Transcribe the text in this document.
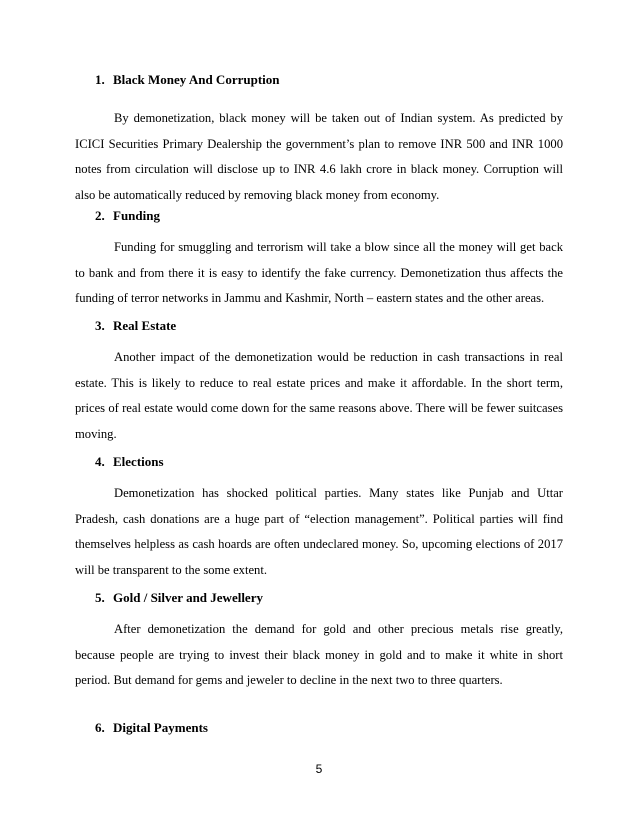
1. Black Money And Corruption
By demonetization, black money will be taken out of Indian system. As predicted by ICICI Securities Primary Dealership the government’s plan to remove INR 500 and INR 1000 notes from circulation will disclose up to INR 4.6 lakh crore in black money. Corruption will also be automatically reduced by removing black money from economy.
2. Funding
Funding for smuggling and terrorism will take a blow since all the money will get back to bank and from there it is easy to identify the fake currency. Demonetization thus affects the funding of terror networks in Jammu and Kashmir, North – eastern states and the other areas.
3. Real Estate
Another impact of the demonetization would be reduction in cash transactions in real estate. This is likely to reduce to real estate prices and make it affordable. In the short term, prices of real estate would come down for the same reasons above. There will be fewer suitcases moving.
4. Elections
Demonetization has shocked political parties. Many states like Punjab and Uttar Pradesh, cash donations are a huge part of “election management”. Political parties will find themselves helpless as cash hoards are often undeclared money. So, upcoming elections of 2017 will be transparent to the some extent.
5. Gold / Silver and Jewellery
After demonetization the demand for gold and other precious metals rise greatly, because people are trying to invest their black money in gold and to make it white in short period. But demand for gems and jeweler to decline in the next two to three quarters.
6. Digital Payments
5
